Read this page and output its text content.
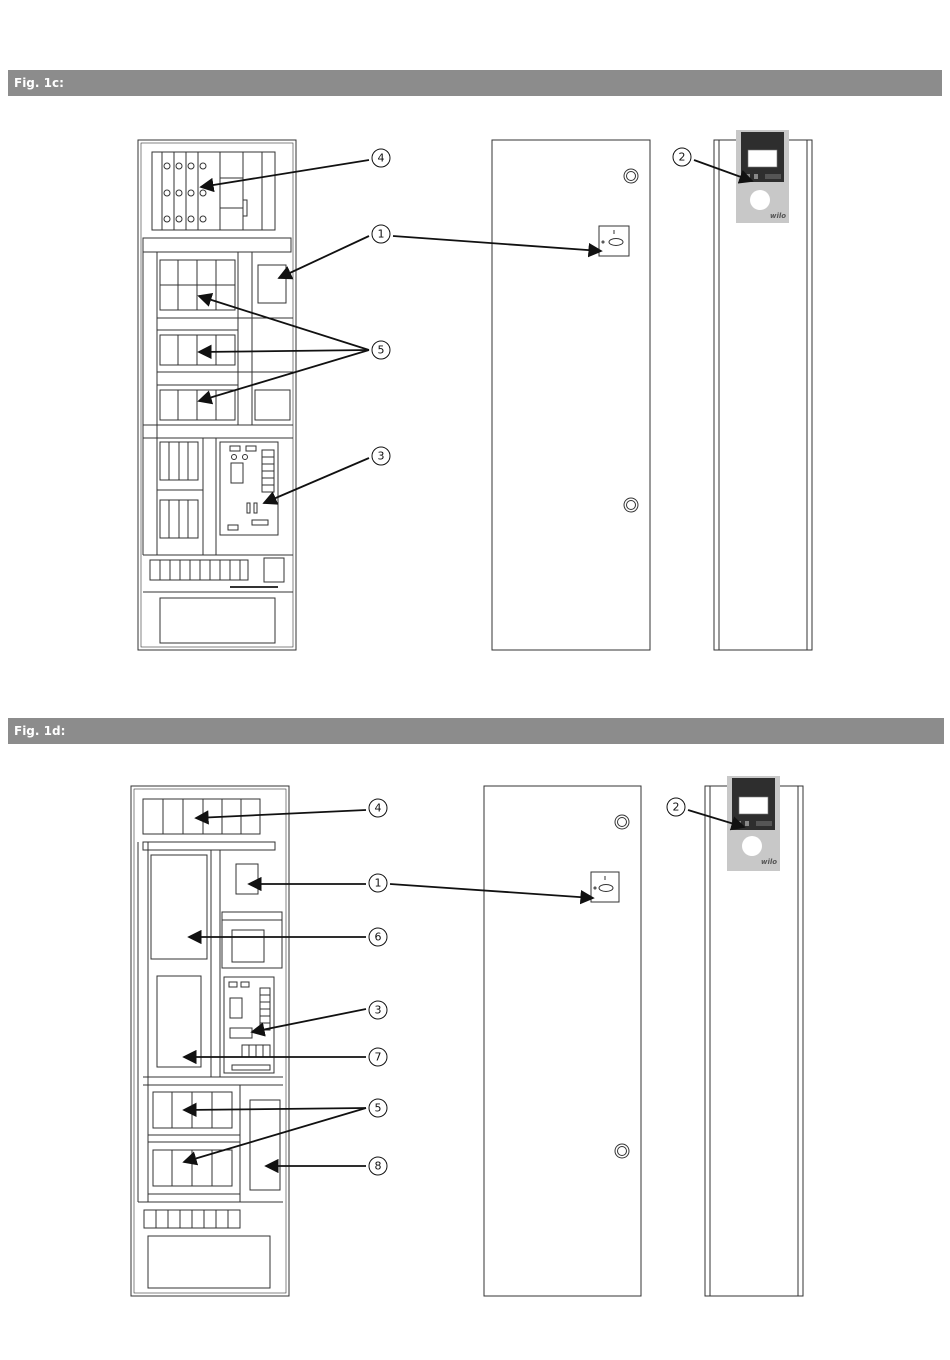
Fig. 1c:
wilo
4
1
5
3
2
Fig. 1d:
wilo
4
1
6
3
7
5
8
2
